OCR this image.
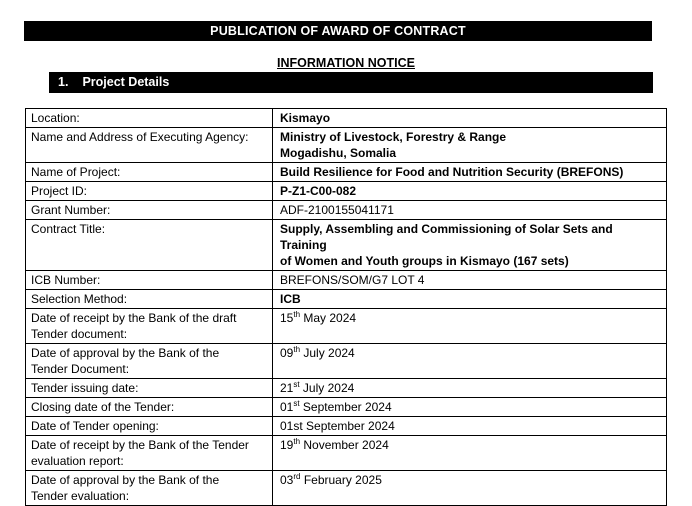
PUBLICATION OF AWARD OF CONTRACT
INFORMATION NOTICE
1. Project Details
Location:	Kismayo
Name and Address of Executing Agency:	Ministry of Livestock, Forestry & Range
Mogadishu, Somalia
Name of Project:	Build Resilience for Food and Nutrition Security (BREFONS)
Project ID:	P-Z1-C00-082
Grant Number:	ADF-2100155041171
Contract Title:	Supply, Assembling and Commissioning of Solar Sets and Training
of Women and Youth groups in Kismayo (167 sets)
ICB Number:	BREFONS/SOM/G7 LOT 4
Selection Method:	ICB
Date of receipt by the Bank of the draft
Tender document:	15th May 2024
Date of approval by the Bank of the
Tender Document:	09th July 2024
Tender issuing date:	21st July 2024
Closing date of the Tender:	01st September 2024
Date of Tender opening:	01st September 2024
Date of receipt by the Bank of the Tender
evaluation report:	19th November 2024
Date of approval by the Bank of the
Tender evaluation:	03rd February 2025
